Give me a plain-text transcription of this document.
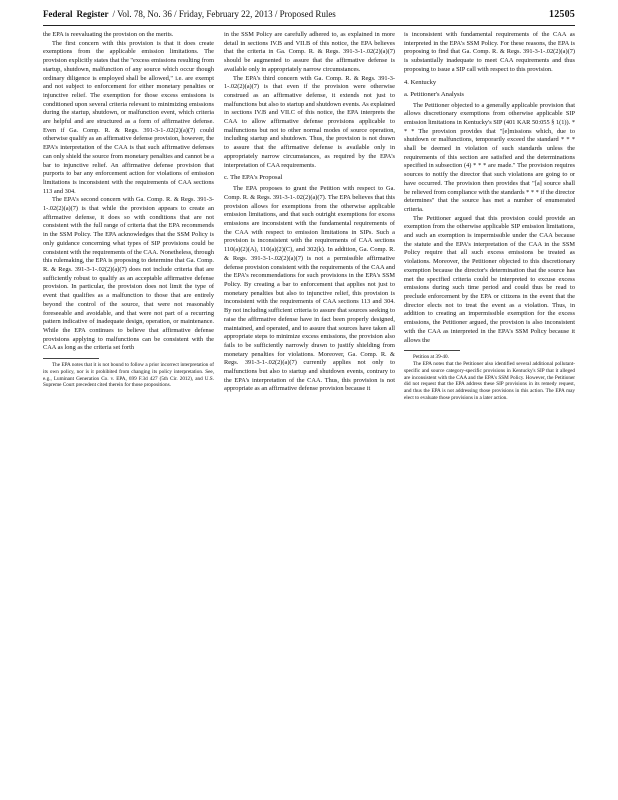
Federal Register / Vol. 78, No. 36 / Friday, February 22, 2013 / Proposed Rules	12505

the EPA is reevaluating the provision on the merits.

The first concern with this provision is that it does create exemptions from the applicable emission limitations. The provision explicitly states that the "excess emissions resulting from startup, shutdown, malfunction of any source which occur though ordinary diligence is employed shall be allowed," i.e. are exempt and not subject to enforcement for either monetary penalties or injunctive relief. The exemption for those excess emissions is conditioned upon several criteria relevant to minimizing emissions during the startup, shutdown, or malfunction event, which criteria are helpful and are structured as a form of affirmative defense. Even if Ga. Comp. R. & Regs. 391-3-1-.02(2)(a)(7) could otherwise qualify as an affirmative defense provision, however, the EPA's interpretation of the CAA is that such affirmative defenses can only shield the source from monetary penalties and cannot be a bar to injunctive relief. An affirmative defense provision that purports to bar any enforcement action for violations of emission limitations is inconsistent with the requirements of CAA sections 113 and 304.

The EPA's second concern with Ga. Comp. R. & Regs. 391-3-1-.02(2)(a)(7) is that while the provision appears to create an affirmative defense, it does so with conditions that are not consistent with the full range of criteria that the EPA recommends in the SSM Policy. The EPA acknowledges that the SSM Policy is only guidance concerning what types of SIP provisions could be consistent with the requirements of the CAA. Nonetheless, through this rulemaking, the EPA is proposing to determine that Ga. Comp. R. & Regs. 391-3-1-.02(2)(a)(7) does not include criteria that are sufficiently robust to qualify as an acceptable affirmative defense provision. In particular, the provision does not limit the type of event that qualifies as a malfunction to those that are entirely beyond the control of the source, that were not reasonably foreseeable and avoidable, and that were not part of a recurring pattern indicative of inadequate design, operation, or maintenance. While the EPA continues to believe that affirmative defense provisions applying to malfunctions can be consistent with the CAA as long as the criteria set forth

The EPA notes that it is not bound to follow a prior incorrect interpretation of its own policy, nor is it prohibited from changing its policy interpretation. See, e.g., Luminant Generation Co. v. EPA, 699 F.3d 427 (5th Cir. 2012), and U.S. Supreme Court precedent cited therein for those propositions.

in the SSM Policy are carefully adhered to, as explained in more detail in sections IV.B and VII.B of this notice, the EPA believes that the criteria in Ga. Comp. R. & Regs. 391-3-1-.02(2)(a)(7) should be augmented to assure that the affirmative defense is available only in appropriately narrow circumstances.

The EPA's third concern with Ga. Comp. R. & Regs. 391-3-1-.02(2)(a)(7) is that even if the provision were otherwise construed as an affirmative defense, it extends not just to malfunctions but also to startup and shutdown events. As explained in sections IV.B and VII.C of this notice, the EPA interprets the CAA to allow affirmative defense provisions applicable to malfunctions but not to other normal modes of source operation, including startup and shutdown. Thus, the provision is not drawn to assure that the affirmative defense is available only in appropriately narrow circumstances, as required by the EPA's interpretation of CAA requirements.

c. The EPA's Proposal

The EPA proposes to grant the Petition with respect to Ga. Comp. R. & Regs. 391-3-1-.02(2)(a)(7). The EPA believes that this provision allows for exemptions from the otherwise applicable emission limitations, and that such outright exemptions for excess emissions are inconsistent with the fundamental requirements of the CAA with respect to emission limitations in SIPs. Such a provision is inconsistent with the requirements of CAA sections 110(a)(2)(A), 110(a)(2)(C), and 302(k). In addition, Ga. Comp. R. & Regs. 391-3-1-.02(2)(a)(7) is not a permissible affirmative defense provision consistent with the requirements of the CAA and the EPA's recommendations for such provisions in the EPA's SSM Policy. By creating a bar to enforcement that applies not just to monetary penalties but also to injunctive relief, this provision is inconsistent with the requirements of CAA sections 113 and 304. By not including sufficient criteria to assure that sources seeking to raise the affirmative defense have in fact been properly designed, maintained, and operated, and to assure that sources have taken all appropriate steps to minimize excess emissions, the provision also fails to be sufficiently narrowly drawn to justify shielding from monetary penalties for violations. Moreover, Ga. Comp. R. & Regs. 391-3-1-.02(2)(a)(7) currently applies not only to malfunctions but also to startup and shutdown events, contrary to the EPA's interpretation of the CAA. Thus, this provision is not appropriate as an affirmative defense provision because it

is inconsistent with fundamental requirements of the CAA as interpreted in the EPA's SSM Policy. For these reasons, the EPA is proposing to find that Ga. Comp. R. & Regs. 391-3-1-.02(2)(a)(7) is substantially inadequate to meet CAA requirements and thus proposing to issue a SIP call with respect to this provision.

4. Kentucky
a. Petitioner's Analysis

The Petitioner objected to a generally applicable provision that allows discretionary exemptions from otherwise applicable SIP emission limitations in Kentucky's SIP (401 KAR 50:055 § 1(1)). * * * The provision provides that "[e]missions which, due to shutdown or malfunctions, temporarily exceed the standard * * * shall be deemed in violation of such standards unless the requirements of this section are satisfied and the determinations specified in subsection (4) * * * are made." The provision requires sources to notify the director that such violations are going to or have occurred. The provision then provides that "[a] source shall be relieved from compliance with the standards * * * if the director determines" that the source has met a number of enumerated criteria.

The Petitioner argued that this provision could provide an exemption from the otherwise applicable SIP emission limitations, and such an exemption is impermissible under the CAA because the statute and the EPA's interpretation of the CAA in the SSM Policy require that all such excess emissions be treated as violations. Moreover, the Petitioner objected to this discretionary exemption because the director's determination that the source has met the specified criteria could be interpreted to excuse excess emissions during such time period and could thus be read to preclude enforcement by the EPA or citizens in the event that the director elects not to treat the event as a violation. Thus, in addition to creating an impermissible exemption for the excess emissions, the Petitioner argued, the provision is also inconsistent with the CAA as interpreted in the EPA's SSM Policy because it allows the

Petition at 39-40.

The EPA notes that the Petitioner also identified several additional pollutant-specific and source category-specific provisions in Kentucky's SIP that it alleged are inconsistent with the CAA and the EPA's SSM Policy. However, the Petitioner did not request that the EPA address these SIP provisions in its remedy request, and thus the EPA is not addressing those provisions in this action. The EPA may elect to evaluate those provisions in a later action.
